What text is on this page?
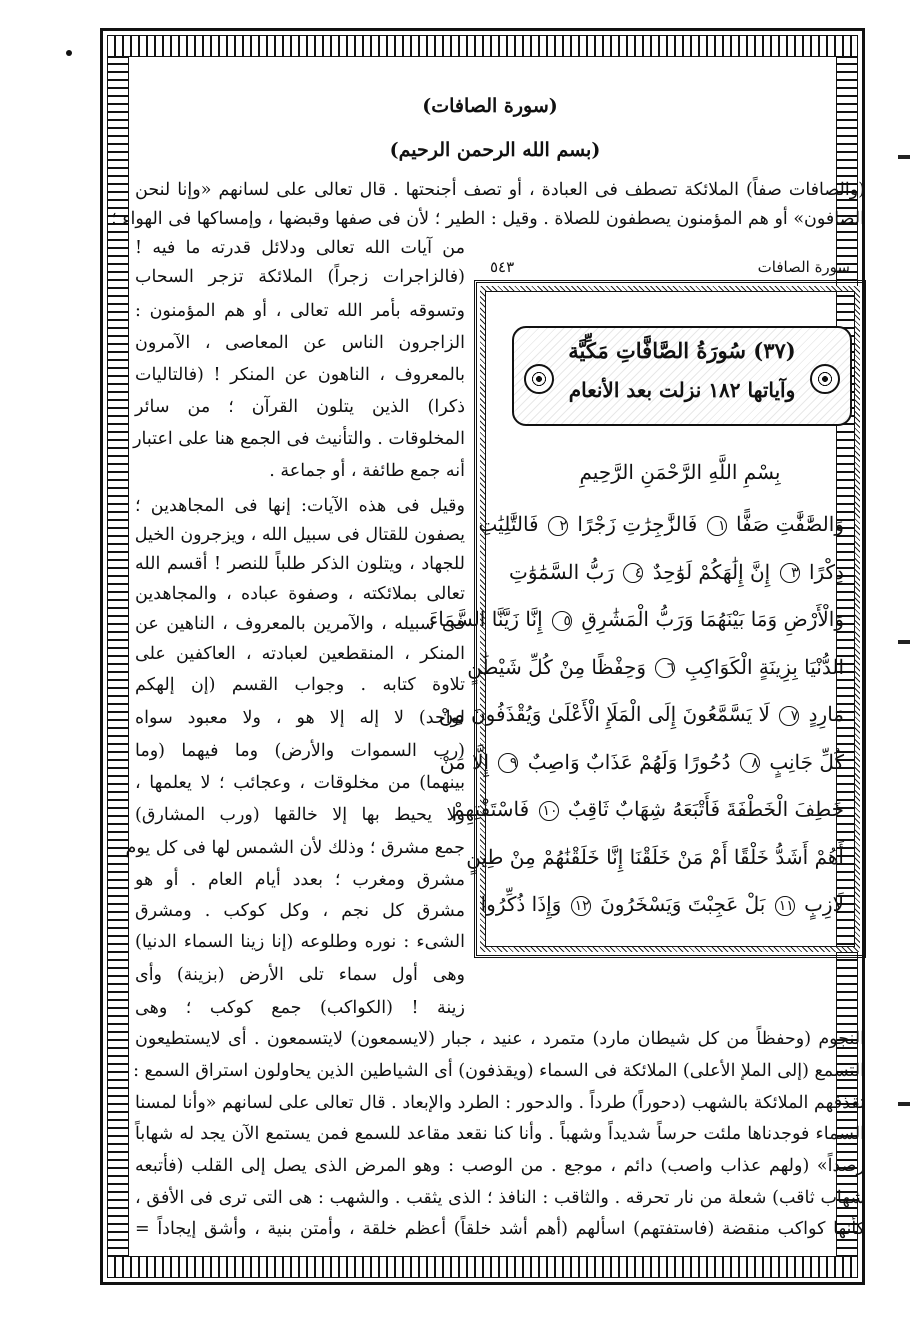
(سورة الصافات)
(بسم الله الرحمن الرحيم)
(والصافات صفاً) الملائكة تصطف فى العبادة ، أو تصف أجنحتها . قال تعالى على لسانهم «وإنا لنحن
الصافون» أو هم المؤمنون يصطفون للصلاة . وقيل : الطير ؛ لأن فى صفها وقبضها ، وإمساكها فى الهواء ؛
من آيات الله تعالى ودلائل قدرته ما فيه !
(فالزاجرات زجراً) الملائكة تزجر السحاب
وتسوقه بأمر الله تعالى ، أو هم المؤمنون :
الزاجرون الناس عن المعاصى ، الآمرون
بالمعروف ، الناهون عن المنكر ! (فالتاليات
ذكرا) الذين يتلون القرآن ؛ من سائر
المخلوقات . والتأنيث فى الجمع هنا على اعتبار
أنه جمع طائفة ، أو جماعة .
وقيل فى هذه الآيات: إنها فى المجاهدين ؛
يصفون للقتال فى سبيل الله ، ويزجرون الخيل
للجهاد ، ويتلون الذكر طلباً للنصر ! أقسم الله
تعالى بملائكته ، وصفوة عباده ، والمجاهدين
فى سبيله ، والآمرين بالمعروف ، الناهين عن
المنكر ، المنقطعين لعبادته ، العاكفين على
تلاوة كتابه . وجواب القسم (إن إلهكم
لواحد) لا إله إلا هو ، ولا معبود سواه
(رب السموات والأرض) وما فيهما (وما
بينهما) من مخلوقات ، وعجائب ؛ لا يعلمها ،
ولا يحيط بها إلا خالقها (ورب المشارق)
جمع مشرق ؛ وذلك لأن الشمس لها فى كل يوم
مشرق ومغرب ؛ بعدد أيام العام . أو هو
مشرق كل نجم ، وكل كوكب . ومشرق
الشىء : نوره وطلوعه (إنا زينا السماء الدنيا)
وهى أول سماء تلى الأرض (بزينة) وأى
زينة ! (الكواكب) جمع كوكب ؛ وهى
سورة الصافات
٥٤٣
(٣٧) سُورَةُ الصَّافَّاتِ مَكِّيَّة
وآياتها ١٨٢ نزلت بعد الأنعام
بِسْمِ اللَّهِ الرَّحْمَنِ الرَّحِيمِ
وَالصَّٰفَّٰتِ صَفًّا ١ فَالزَّٰجِرَٰتِ زَجْرًا ٢ فَالتَّٰلِيَٰتِ
ذِكْرًا ٣ إِنَّ إِلَٰهَكُمْ لَوَٰحِدٌ ٤ رَبُّ السَّمَٰوَٰتِ
وَالْأَرْضِ وَمَا بَيْنَهُمَا وَرَبُّ الْمَشَٰرِقِ ٥ إِنَّا زَيَّنَّا السَّمَاءَ
الدُّنْيَا بِزِينَةٍ الْكَوَاكِبِ ٦ وَحِفْظًا مِنْ كُلِّ شَيْطَٰنٍ
مَارِدٍ ٧ لَا يَسَّمَّعُونَ إِلَى الْمَلَإِ الْأَعْلَىٰ وَيُقْذَفُونَ مِنْ
كُلِّ جَانِبٍ ٨ دُحُورًا وَلَهُمْ عَذَابٌ وَاصِبٌ ٩ إِلَّا مَنْ
خَطِفَ الْخَطْفَةَ فَأَتْبَعَهُ شِهَابٌ ثَاقِبٌ ١٠ فَاسْتَفْتِهِمْ
أَهُمْ أَشَدُّ خَلْقًا أَمْ مَنْ خَلَقْنَا إِنَّا خَلَقْنَٰهُمْ مِنْ طِينٍ
لَازِبٍ ١١ بَلْ عَجِبْتَ وَيَسْخَرُونَ ١٢ وَإِذَا ذُكِّرُوا
النجوم (وحفظاً من كل شيطان مارد) متمرد ، عنيد ، جبار (لايسمعون) لايتسمعون . أى لايستطيعون
التسمع (إلى الملإ الأعلى) الملائكة فى السماء (ويقذفون) أى الشياطين الذين يحاولون استراق السمع :
تقذفهم الملائكة بالشهب (دحوراً) طرداً . والدحور : الطرد والإبعاد . قال تعالى على لسانهم «وأنا لمسنا
السماء فوجدناها ملئت حرساً شديداً وشهباً . وأنا كنا نقعد مقاعد للسمع فمن يستمع الآن يجد له شهاباً
رصداً» (ولهم عذاب واصب) دائم ، موجع . من الوصب : وهو المرض الذى يصل إلى القلب (فأتبعه
شهاب ثاقب) شعلة من نار تحرقه . والثاقب : النافذ ؛ الذى يثقب . والشهب : هى التى ترى فى الأفق ،
كأنها كواكب منقضة (فاستفتهم) اسألهم (أهم أشد خلقاً) أعظم خلقة ، وأمتن بنية ، وأشق إيجاداً =
